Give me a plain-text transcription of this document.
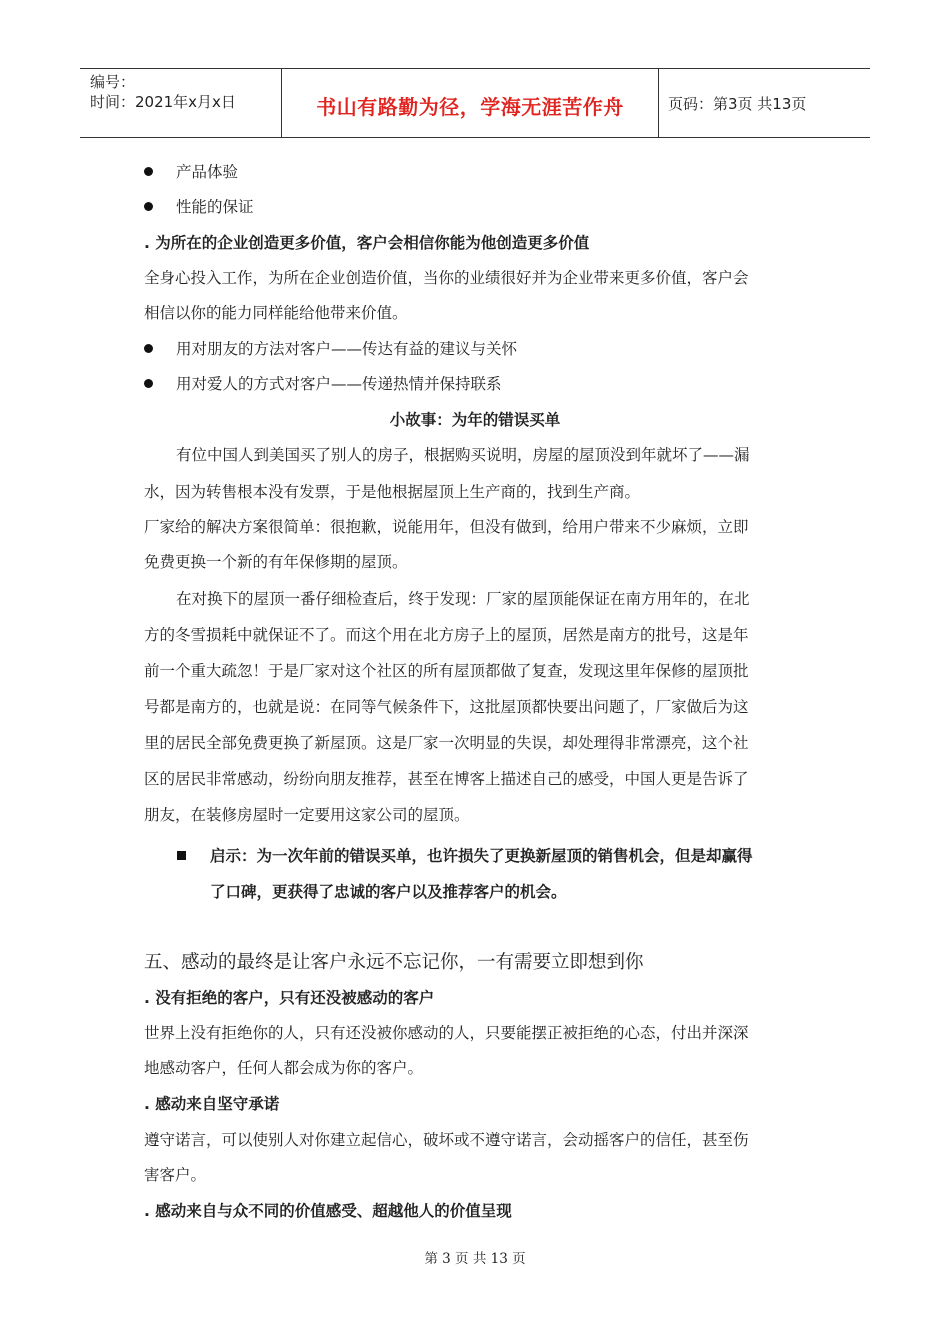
编号：
时间：2021年x月x日	书山有路勤为径，学海无涯苦作舟	页码：第3页 共13页
产品体验
性能的保证
. 为所在的企业创造更多价值，客户会相信你能为他创造更多价值
全身心投入工作，为所在企业创造价值，当你的业绩很好并为企业带来更多价值，客户会
相信以你的能力同样能给他带来价值。
用对朋友的方法对客户——传达有益的建议与关怀
用对爱人的方式对客户——传递热情并保持联系
小故事：为年的错误买单
有位中国人到美国买了别人的房子，根据购买说明，房屋的屋顶没到年就坏了——漏
水，因为转售根本没有发票，于是他根据屋顶上生产商的，找到生产商。
厂家给的解决方案很简单：很抱歉，说能用年，但没有做到，给用户带来不少麻烦，立即
免费更换一个新的有年保修期的屋顶。
在对换下的屋顶一番仔细检查后，终于发现：厂家的屋顶能保证在南方用年的，在北
方的冬雪损耗中就保证不了。而这个用在北方房子上的屋顶，居然是南方的批号，这是年
前一个重大疏忽！于是厂家对这个社区的所有屋顶都做了复查，发现这里年保修的屋顶批
号都是南方的，也就是说：在同等气候条件下，这批屋顶都快要出问题了，厂家做后为这
里的居民全部免费更换了新屋顶。这是厂家一次明显的失误，却处理得非常漂亮，这个社
区的居民非常感动，纷纷向朋友推荐，甚至在博客上描述自己的感受，中国人更是告诉了
朋友，在装修房屋时一定要用这家公司的屋顶。
启示：为一次年前的错误买单，也许损失了更换新屋顶的销售机会，但是却赢得
了口碑，更获得了忠诚的客户以及推荐客户的机会。
五、感动的最终是让客户永远不忘记你，一有需要立即想到你
. 没有拒绝的客户，只有还没被感动的客户
世界上没有拒绝你的人，只有还没被你感动的人，只要能摆正被拒绝的心态，付出并深深
地感动客户，任何人都会成为你的客户。
. 感动来自坚守承诺
遵守诺言，可以使别人对你建立起信心，破坏或不遵守诺言，会动摇客户的信任，甚至伤
害客户。
. 感动来自与众不同的价值感受、超越他人的价值呈现
第 3 页 共 13 页
